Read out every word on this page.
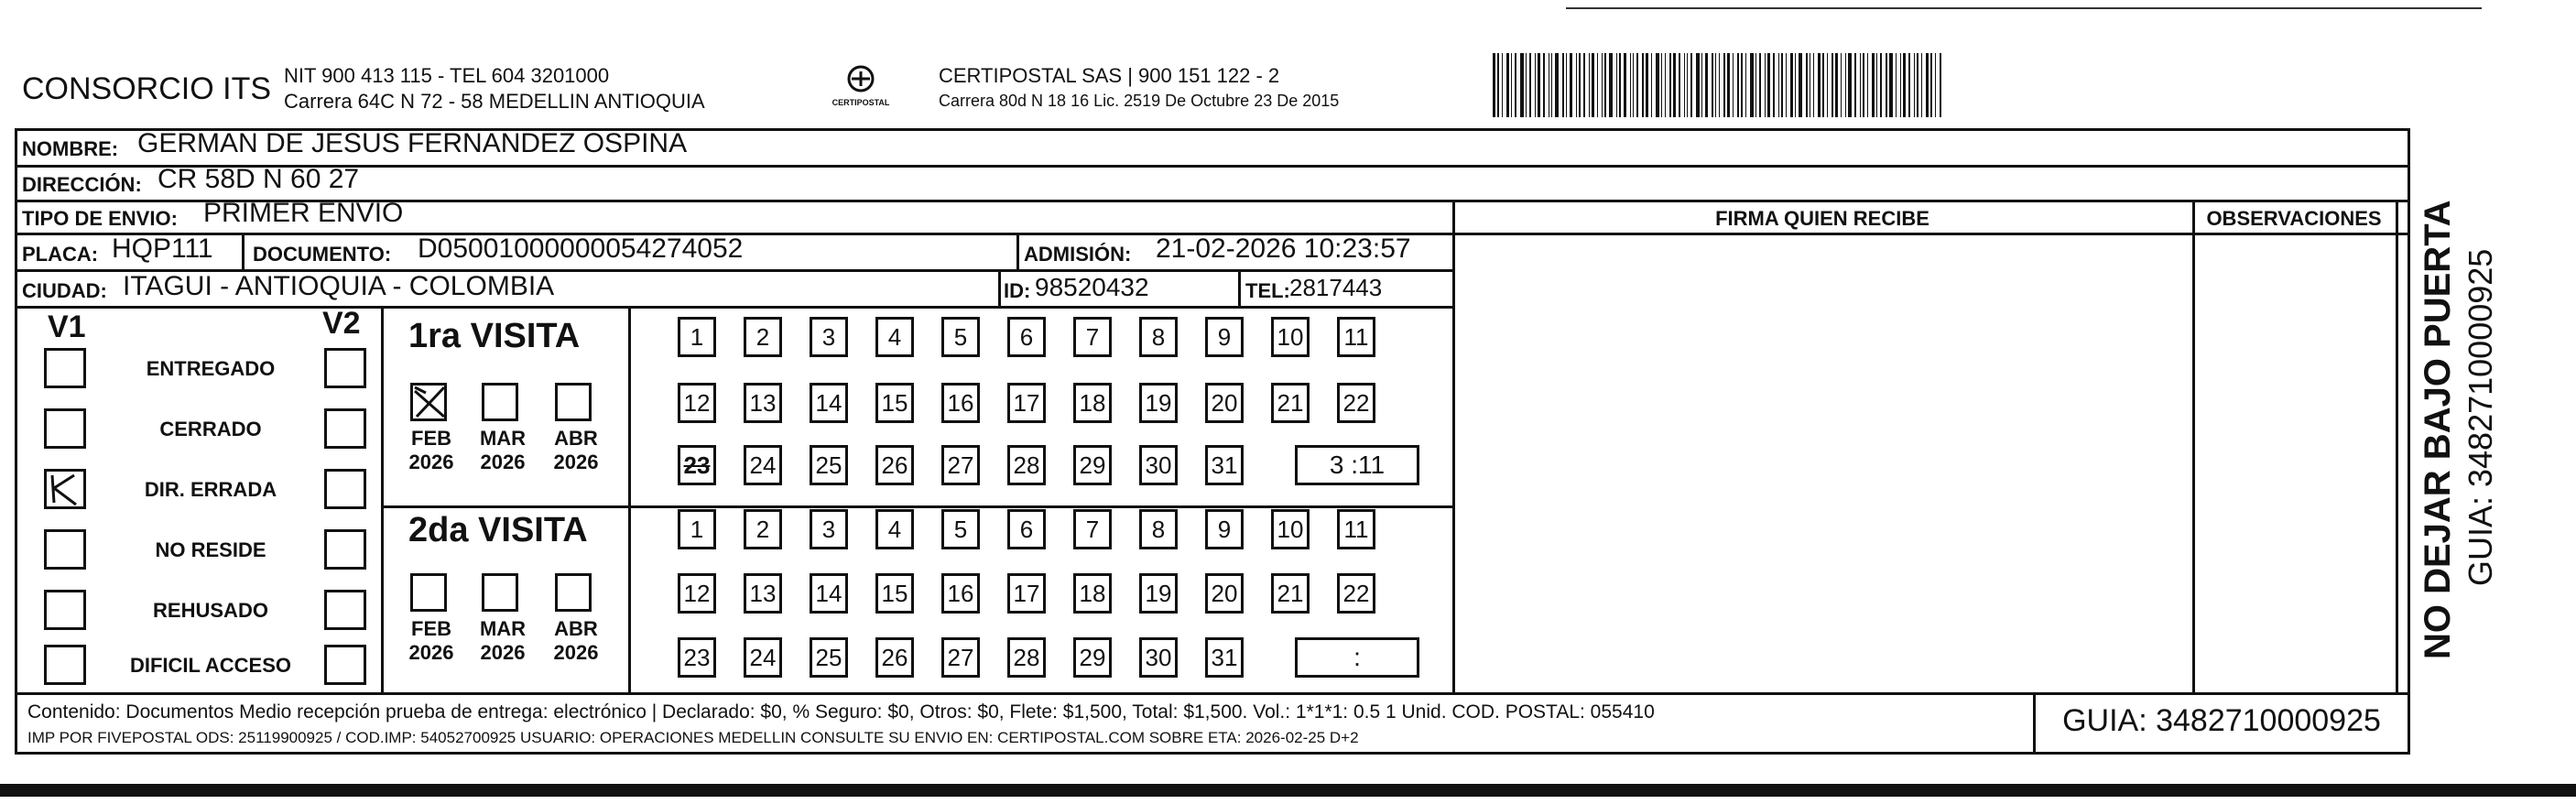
CONSORCIO ITS NIT 900 413 115 - TEL 604 3201000
Carrera 64C N 72 - 58 MEDELLIN ANTIOQUIA	CERTIPOSTAL
CERTIPOSTAL SAS | 900 151 122 - 2
Carrera 80d N 18 16 Lic. 2519 De Octubre 23 De 2015
NOMBRE: GERMAN DE JESUS FERNANDEZ OSPINA
DIRECCIÓN: CR 58D N 60 27
TIPO DE ENVIO: PRIMER ENVIO	FIRMA QUIEN RECIBE	OBSERVACIONES
PLACA: HQP111 DOCUMENTO: D05001000000054274052	ADMISIÓN: 21-02-2026 10:23:57
CIUDAD: ITAGUI - ANTIOQUIA - COLOMBIA	ID: 98520432	TEL: 2817443
V1	V2
ENTREGADO
CERRADO
DIR. ERRADA
NO RESIDE
REHUSADO
DIFICIL ACCESO
1ra VISITA
FEB
2026
MAR
2026
ABR
2026
1	2	3	4	5	6	7	8	9	10 11
12 13 14 15 16 17 18 19 20 21 22
23 24 25 26 27 28 29 30 31	3 :11
2da VISITA
FEB
2026
MAR
2026
ABR
2026
1	2	3	4	5	6	7	8	9	10 11
12 13 14 15 16 17 18 19 20 21 22
23 24 25 26 27 28 29 30 31	:
Contenido: Documentos Medio recepción prueba de entrega: electrónico | Declarado: $0, % Seguro: $0, Otros: $0, Flete: $1,500, Total: $1,500. Vol.: 1*1*1: 0.5 1 Unid. COD. POSTAL: 055410
IMP POR FIVEPOSTAL ODS: 25119900925 / COD.IMP: 54052700925 USUARIO: OPERACIONES MEDELLIN CONSULTE SU ENVIO EN: CERTIPOSTAL.COM SOBRE ETA: 2026-02-25 D+2	GUIA: 3482710000925
NO DEJAR BAJO PUERTA GUIA: 3482710000925
